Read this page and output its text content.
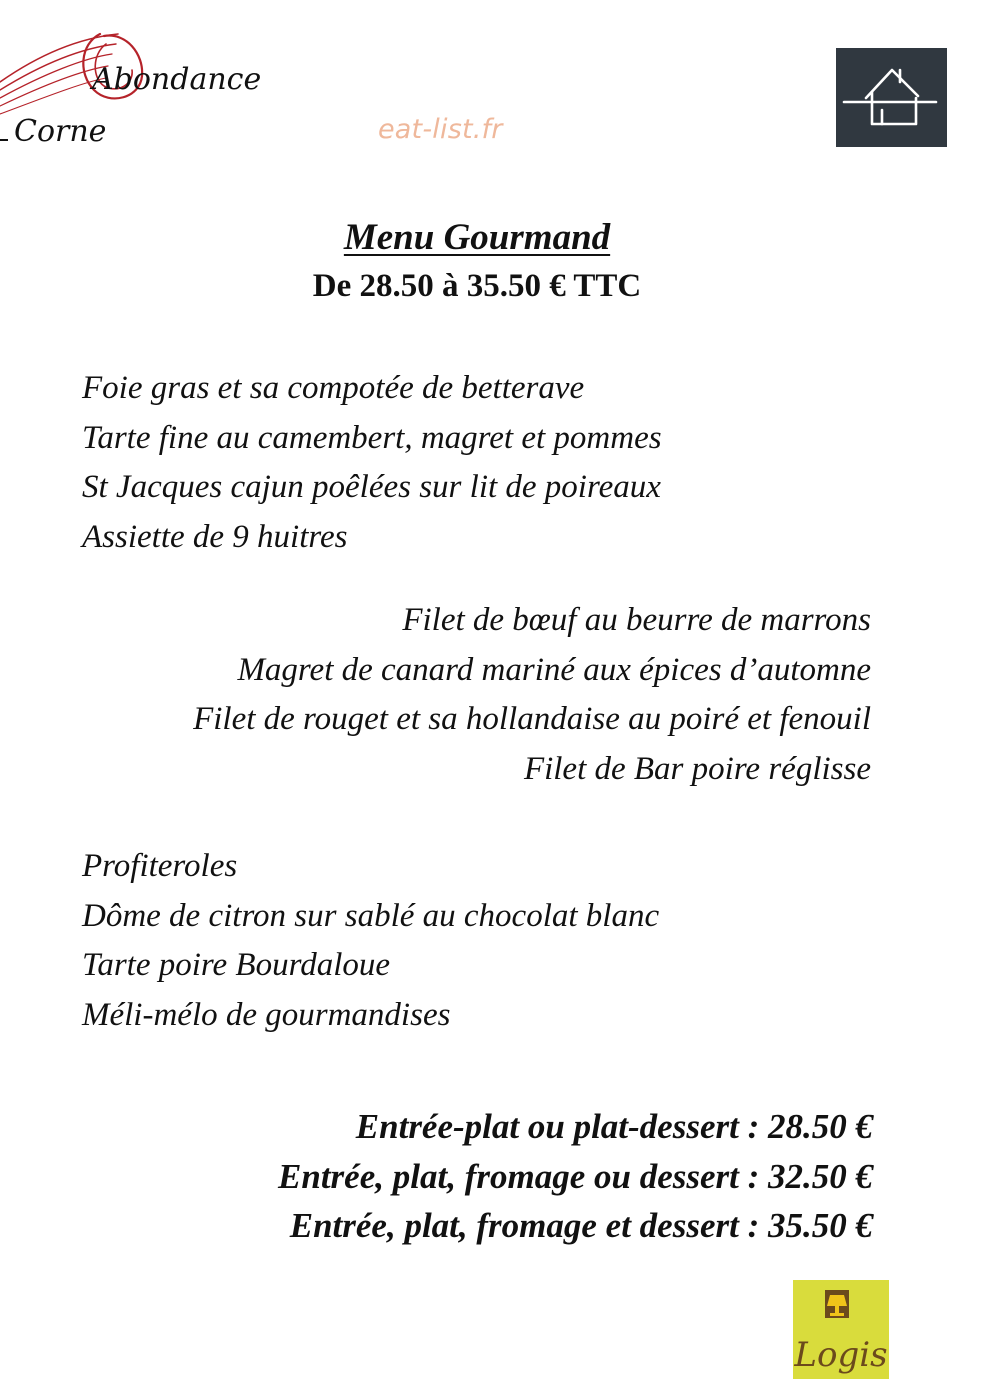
Abondance
Corne	eat-list.fr
Menu Gourmand
De 28.50 à 35.50 € TTC
Foie gras et sa compotée de betterave
Tarte fine au camembert, magret et pommes
St Jacques cajun poêlées sur lit de poireaux
Assiette de 9 huitres
Filet de bœuf au beurre de marrons
Magret de canard mariné aux épices d’automne
Filet de rouget et sa hollandaise au poiré et fenouil
Filet de Bar poire réglisse
Profiteroles
Dôme de citron sur sablé au chocolat blanc
Tarte poire Bourdaloue
Méli-mélo de gourmandises
Entrée-plat ou plat-dessert : 28.50 €
Entrée, plat, fromage ou dessert : 32.50 €
Entrée, plat, fromage et dessert : 35.50 €
Logis
